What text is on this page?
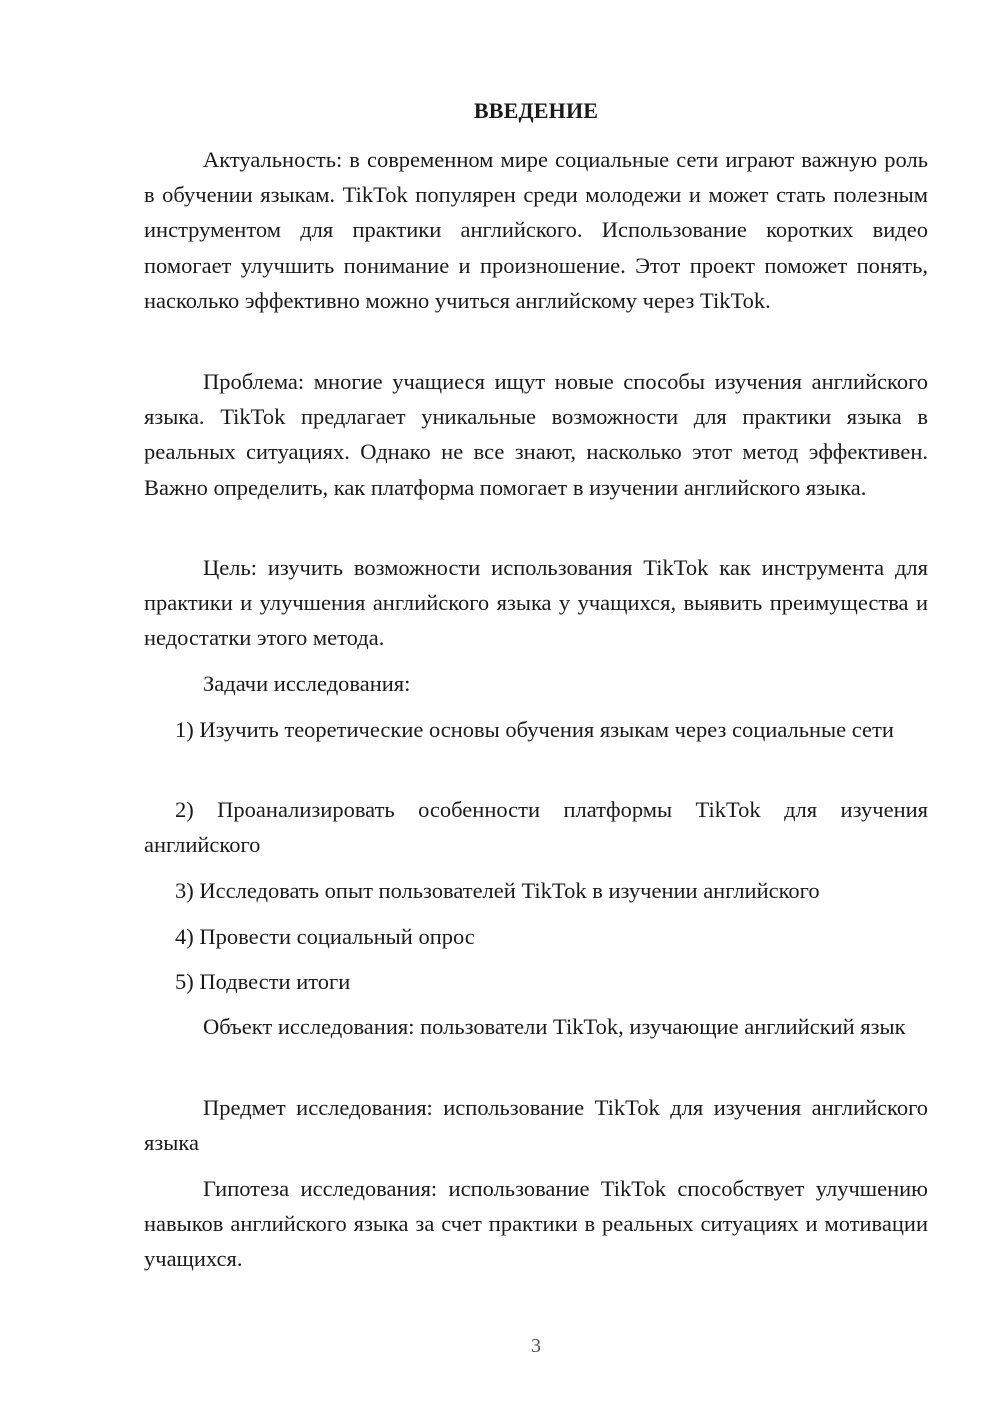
ВВЕДЕНИЕ

Актуальность: в современном мире социальные сети играют важную роль в обучении языкам. TikTok популярен среди молодежи и может стать полезным инструментом для практики английского. Использование коротких видео помогает улучшить понимание и произношение. Этот проект поможет понять, насколько эффективно можно учиться английскому через TikTok.

Проблема: многие учащиеся ищут новые способы изучения английского языка. TikTok предлагает уникальные возможности для практики языка в реальных ситуациях. Однако не все знают, насколько этот метод эффективен. Важно определить, как платформа помогает в изучении английского языка.

Цель: изучить возможности использования TikTok как инструмента для практики и улучшения английского языка у учащихся, выявить преимущества и недостатки этого метода.

Задачи исследования:

1) Изучить теоретические основы обучения языкам через социальные сети

2) Проанализировать особенности платформы TikTok для изучения английского

3) Исследовать опыт пользователей TikTok в изучении английского

4) Провести социальный опрос

5) Подвести итоги

Объект исследования: пользователи TikTok, изучающие английский язык

Предмет исследования: использование TikTok для изучения английского языка

Гипотеза исследования: использование TikTok способствует улучшению навыков английского языка за счет практики в реальных ситуациях и мотивации учащихся.

3
